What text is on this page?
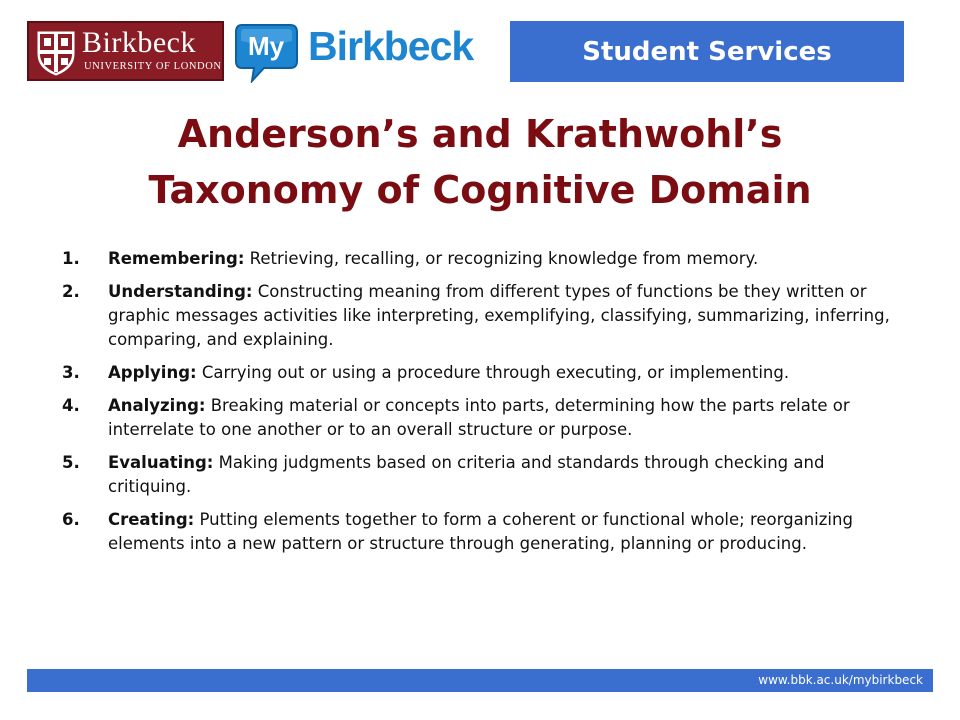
Birkbeck
UNIVERSITY OF LONDON
My Birkbeck	Student Services
Anderson’s and Krathwohl’s
Taxonomy of Cognitive Domain
1. Remembering: Retrieving, recalling, or recognizing knowledge from memory.
2. Understanding: Constructing meaning from different types of functions be they written or graphic messages activities like interpreting, exemplifying, classifying, summarizing, inferring, comparing, and explaining.
3. Applying: Carrying out or using a procedure through executing, or implementing.
4. Analyzing: Breaking material or concepts into parts, determining how the parts relate or interrelate to one another or to an overall structure or purpose.
5. Evaluating: Making judgments based on criteria and standards through checking and critiquing.
6. Creating: Putting elements together to form a coherent or functional whole; reorganizing elements into a new pattern or structure through generating, planning or producing.
www.bbk.ac.uk/mybirkbeck
